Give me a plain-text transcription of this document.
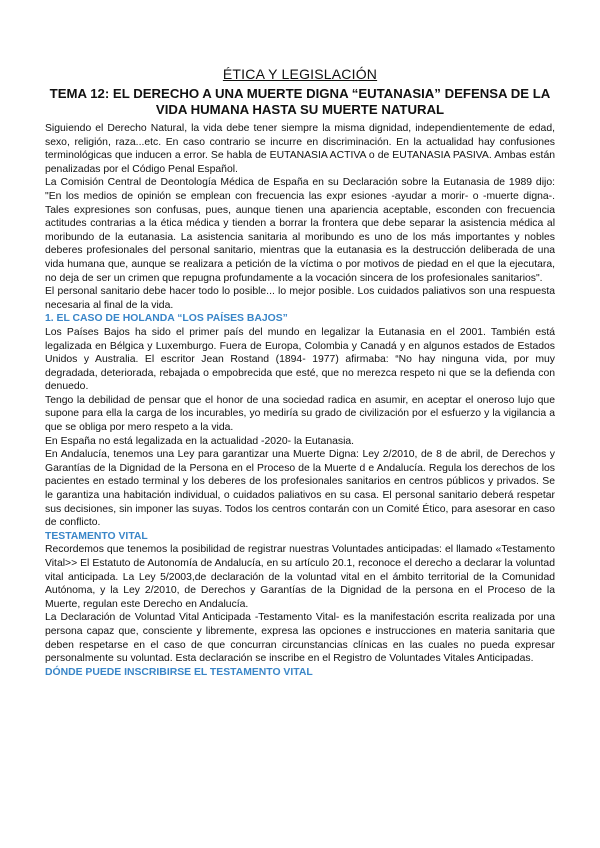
ÉTICA Y LEGISLACIÓN
TEMA 12: EL DERECHO A UNA MUERTE DIGNA “EUTANASIA” DEFENSA DE LA VIDA HUMANA HASTA SU MUERTE NATURAL

Siguiendo el Derecho Natural, la vida debe tener siempre la misma dignidad, independientemente de edad, sexo, religión, raza...etc. En caso contrario se incurre en discriminación. En la actualidad hay confusiones terminológicas que inducen a error. Se habla de EUTANASIA ACTIVA o de EUTANASIA PASIVA. Ambas están penalizadas por el Código Penal Español.

La Comisión Central de Deontología Médica de España en su Declaración sobre la Eutanasia de 1989 dijo: "En los medios de opinión se emplean con frecuencia las expr esiones -ayudar a morir- o -muerte digna-. Tales expresiones son confusas, pues, aunque tienen una apariencia aceptable, esconden con frecuencia actitudes contrarias a la ética médica y tienden a borrar la frontera que debe separar la asistencia médica al moribundo de la eutanasia. La asistencia sanitaria al moribundo es uno de los más importantes y nobles deberes profesionales del personal sanitario, mientras que la eutanasia es la destrucción deliberada de una vida humana que, aunque se realizara a petición de la víctima o por motivos de piedad en el que la ejecutara, no deja de ser un crimen que repugna profundamente a la vocación sincera de los profesionales sanitarios".

El personal sanitario debe hacer todo lo posible... lo mejor posible. Los cuidados paliativos son una respuesta necesaria al final de la vida.

1. EL CASO DE HOLANDA “LOS PAÍSES BAJOS”

Los Países Bajos ha sido el primer país del mundo en legalizar la Eutanasia en el 2001. También está legalizada en Bélgica y Luxemburgo. Fuera de Europa, Colombia y Canadá y en algunos estados de Estados Unidos y Australia. El escritor Jean Rostand (1894- 1977) afirmaba: “No hay ninguna vida, por muy degradada, deteriorada, rebajada o empobrecida que esté, que no merezca respeto ni que se la defienda con denuedo.

Tengo la debilidad de pensar que el honor de una sociedad radica en asumir, en aceptar el oneroso lujo que supone para ella la carga de los incurables, yo mediría su grado de civilización por el esfuerzo y la vigilancia a que se obliga por mero respeto a la vida.

En España no está legalizada en la actualidad -2020- la Eutanasia.

En Andalucía, tenemos una Ley para garantizar una Muerte Digna: Ley 2/2010, de 8 de abril, de Derechos y Garantías de la Dignidad de la Persona en el Proceso de la Muerte d e Andalucía. Regula los derechos de los pacientes en estado terminal y los deberes de los profesionales sanitarios en centros públicos y privados. Se le garantiza una habitación individual, o cuidados paliativos en su casa. El personal sanitario deberá respetar sus decisiones, sin imponer las suyas. Todos los centros contarán con un Comité Ético, para asesorar en caso de conflicto.

TESTAMENTO VITAL

Recordemos que tenemos la posibilidad de registrar nuestras Voluntades anticipadas: el llamado «Testamento Vital>> El Estatuto de Autonomía de Andalucía, en su artículo 20.1, reconoce el derecho a declarar la voluntad vital anticipada. La Ley 5/2003,de declaración de la voluntad vital en el ámbito territorial de la Comunidad Autónoma, y la Ley 2/2010, de Derechos y Garantías de la Dignidad de la persona en el Proceso de la Muerte, regulan este Derecho en Andalucía.

La Declaración de Voluntad Vital Anticipada -Testamento Vital- es la manifestación escrita realizada por una persona capaz que, consciente y libremente, expresa las opciones e instrucciones en materia sanitaria que deben respetarse en el caso de que concurran circunstancias clínicas en las cuales no pueda expresar personalmente su voluntad. Esta declaración se inscribe en el Registro de Voluntades Vitales Anticipadas.

DÓNDE PUEDE INSCRIBIRSE EL TESTAMENTO VITAL
